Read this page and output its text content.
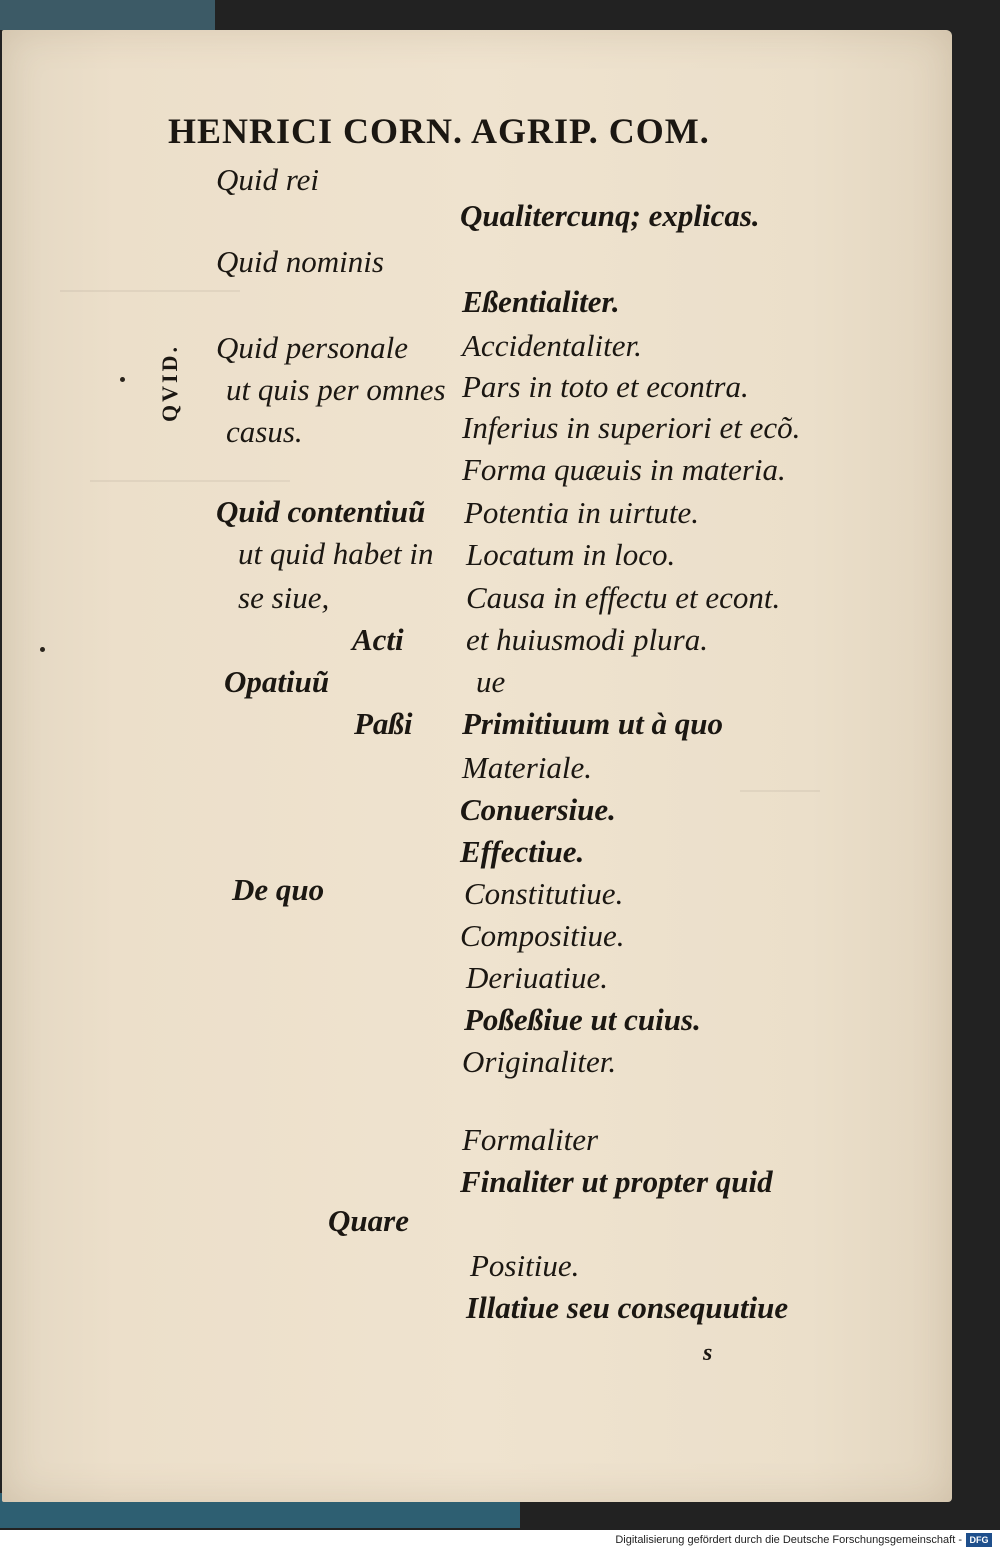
HENRICI CORN. AGRIP. COM.
QVID.
Quid rei
Quid nominis
Quid personale
ut quis per omnes
casus.
Quid contentiuũ
ut quid habet in
se siue,
Acti
Opatiuũ
Paßi
De quo
Quare
Qualitercunq; explicas.
Eßentialiter.
Accidentaliter.
Pars in toto et econtra.
Inferius in superiori et ecõ.
Forma quæuis in materia.
Potentia in uirtute.
Locatum in loco.
Causa in effectu et econt.
et huiusmodi plura.
ue
Primitiuum ut à quo
Materiale.
Conuersiue.
Effectiue.
Constitutiue.
Compositiue.
Deriuatiue.
Poßeßiue ut cuius.
Originaliter.
Formaliter
Finaliter ut propter quid
Positiue.
Illatiue seu consequutiue
s
Digitalisierung gefördert durch die Deutsche Forschungsgemeinschaft - DFG
